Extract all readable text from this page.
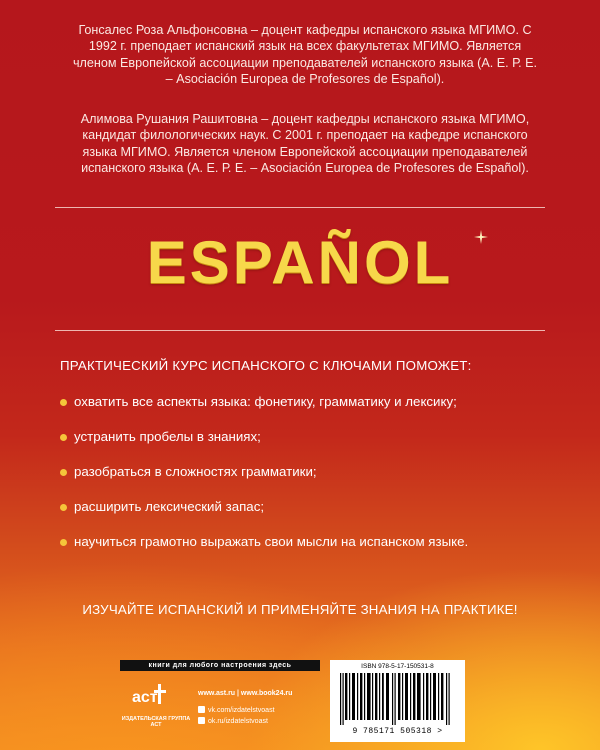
Гонсалес Роза Альфонсовна – доцент кафедры испанского языка МГИМО. С 1992 г. преподает испанский язык на всех факультетах МГИМО. Является членом Европейской ассоциации преподавателей испанского языка (А. Е. Р. Е. – Asociación Europea de Profesores de Español).

Алимова Рушания Рашитовна – доцент кафедры испанского языка МГИМО, кандидат филологических наук. С 2001 г. преподает на кафедре испанского языка МГИМО. Является членом Европейской ассоциации преподавателей испанского языка (А. Е. Р. Е. – Asociación Europea de Profesores de Español).

ESPAÑOL
ПРАКТИЧЕСКИЙ КУРС ИСПАНСКОГО С КЛЮЧАМИ ПОМОЖЕТ:
охватить все аспекты языка: фонетику, грамматику и лексику;
устранить пробелы в знаниях;
разобраться в сложностях грамматики;
расширить лексический запас;
научиться грамотно выражать свои мысли на испанском языке.
ИЗУЧАЙТЕ ИСПАНСКИЙ И ПРИМЕНЯЙТЕ ЗНАНИЯ НА ПРАКТИКЕ!
книги для любого настроения здесь
аст
ИЗДАТЕЛЬСКАЯ ГРУППА АСТ
www.ast.ru | www.book24.ru
vk.com/izdatelstvoast
ok.ru/izdatelstvoast
ISBN 978-5-17-150531-8
9 785171 505318 >
